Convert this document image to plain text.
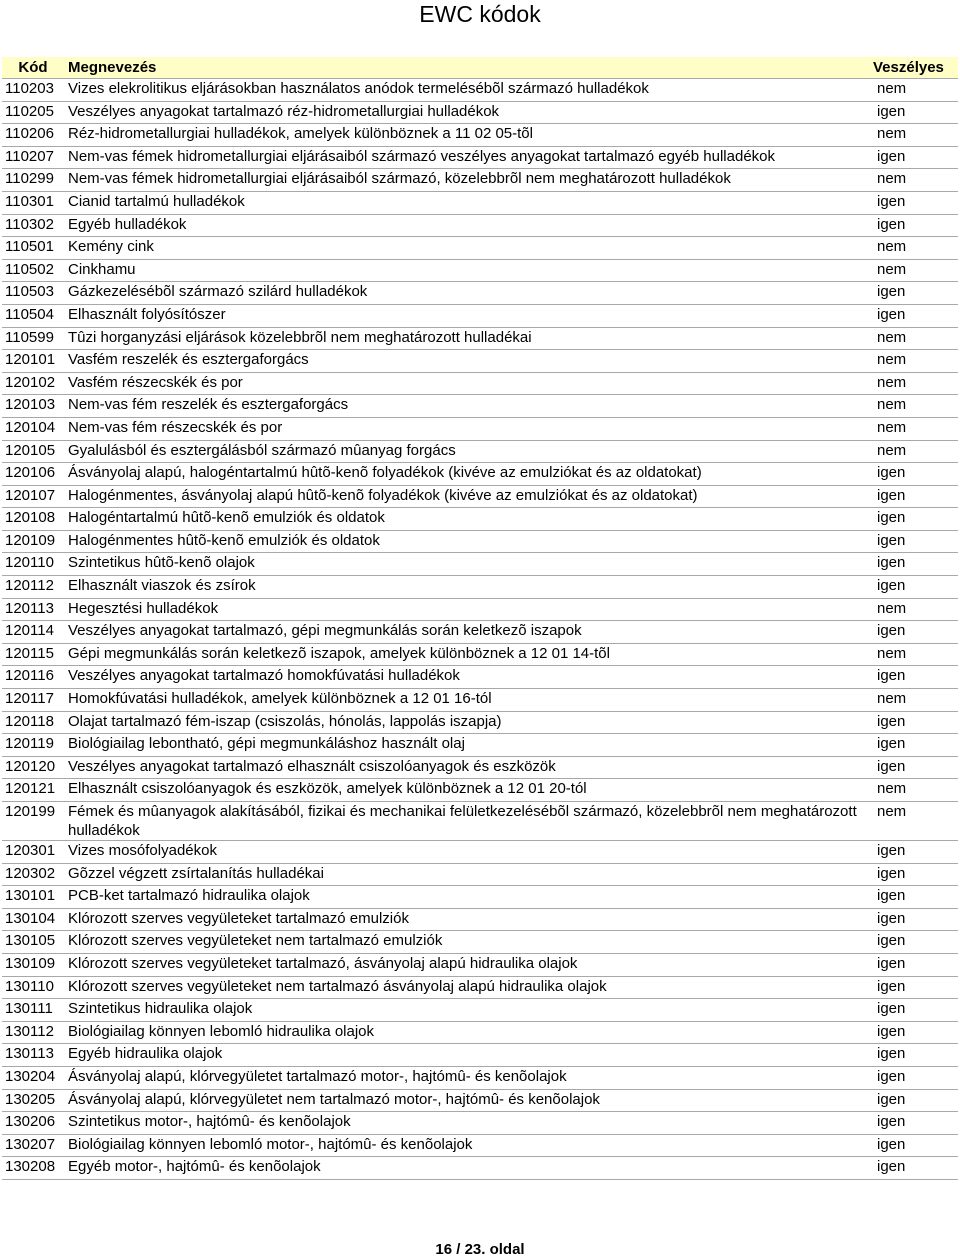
EWC kódok
Kód	Megnevezés	Veszélyes
110203	Vizes elekrolitikus eljárásokban használatos anódok termelésébõl származó hulladékok	nem
110205	Veszélyes anyagokat tartalmazó réz-hidrometallurgiai hulladékok	igen
110206	Réz-hidrometallurgiai hulladékok, amelyek különböznek a 11 02 05-tõl	nem
110207	Nem-vas fémek hidrometallurgiai eljárásaiból származó veszélyes anyagokat tartalmazó egyéb hulladékok	igen
110299	Nem-vas fémek hidrometallurgiai eljárásaiból származó, közelebbrõl nem meghatározott hulladékok	nem
110301	Cianid tartalmú hulladékok	igen
110302	Egyéb hulladékok	igen
110501	Kemény cink	nem
110502	Cinkhamu	nem
110503	Gázkezelésébõl származó szilárd hulladékok	igen
110504	Elhasznált folyósítószer	igen
110599	Tûzi horganyzási eljárások közelebbrõl nem meghatározott hulladékai	nem
120101	Vasfém reszelék és esztergaforgács	nem
120102	Vasfém részecskék és por	nem
120103	Nem-vas fém reszelék és esztergaforgács	nem
120104	Nem-vas fém részecskék és por	nem
120105	Gyalulásból és esztergálásból származó mûanyag forgács	nem
120106	Ásványolaj alapú, halogéntartalmú hûtõ-kenõ folyadékok (kivéve az emulziókat és az oldatokat)	igen
120107	Halogénmentes, ásványolaj alapú hûtõ-kenõ folyadékok (kivéve az emulziókat és az oldatokat)	igen
120108	Halogéntartalmú hûtõ-kenõ emulziók és oldatok	igen
120109	Halogénmentes hûtõ-kenõ emulziók és oldatok	igen
120110	Szintetikus hûtõ-kenõ olajok	igen
120112	Elhasznált viaszok és zsírok	igen
120113	Hegesztési hulladékok	nem
120114	Veszélyes anyagokat tartalmazó, gépi megmunkálás során keletkezõ iszapok	igen
120115	Gépi megmunkálás során keletkezõ iszapok, amelyek különböznek a 12 01 14-tõl	nem
120116	Veszélyes anyagokat tartalmazó homokfúvatási hulladékok	igen
120117	Homokfúvatási hulladékok, amelyek különböznek a 12 01 16-tól	nem
120118	Olajat tartalmazó fém-iszap (csiszolás, hónolás, lappolás iszapja)	igen
120119	Biológiailag lebontható, gépi megmunkáláshoz használt olaj	igen
120120	Veszélyes anyagokat tartalmazó elhasznált csiszolóanyagok és eszközök	igen
120121	Elhasznált csiszolóanyagok és eszközök, amelyek különböznek a 12 01 20-tól	nem
120199	Fémek és mûanyagok alakításából, fizikai és mechanikai felületkezelésébõl származó, közelebbrõl nem meghatározott hulladékok	nem
120301	Vizes mosófolyadékok	igen
120302	Gõzzel végzett zsírtalanítás hulladékai	igen
130101	PCB-ket tartalmazó hidraulika olajok	igen
130104	Klórozott szerves vegyületeket tartalmazó emulziók	igen
130105	Klórozott szerves vegyületeket nem tartalmazó emulziók	igen
130109	Klórozott szerves vegyületeket tartalmazó, ásványolaj alapú hidraulika olajok	igen
130110	Klórozott szerves vegyületeket nem tartalmazó ásványolaj alapú hidraulika olajok	igen
130111	Szintetikus hidraulika olajok	igen
130112	Biológiailag könnyen lebomló hidraulika olajok	igen
130113	Egyéb hidraulika olajok	igen
130204	Ásványolaj alapú, klórvegyületet tartalmazó motor-, hajtómû- és kenõolajok	igen
130205	Ásványolaj alapú, klórvegyületet nem tartalmazó motor-, hajtómû- és kenõolajok	igen
130206	Szintetikus motor-, hajtómû- és kenõolajok	igen
130207	Biológiailag könnyen lebomló motor-, hajtómû- és kenõolajok	igen
130208	Egyéb motor-, hajtómû- és kenõolajok	igen
16 / 23. oldal
